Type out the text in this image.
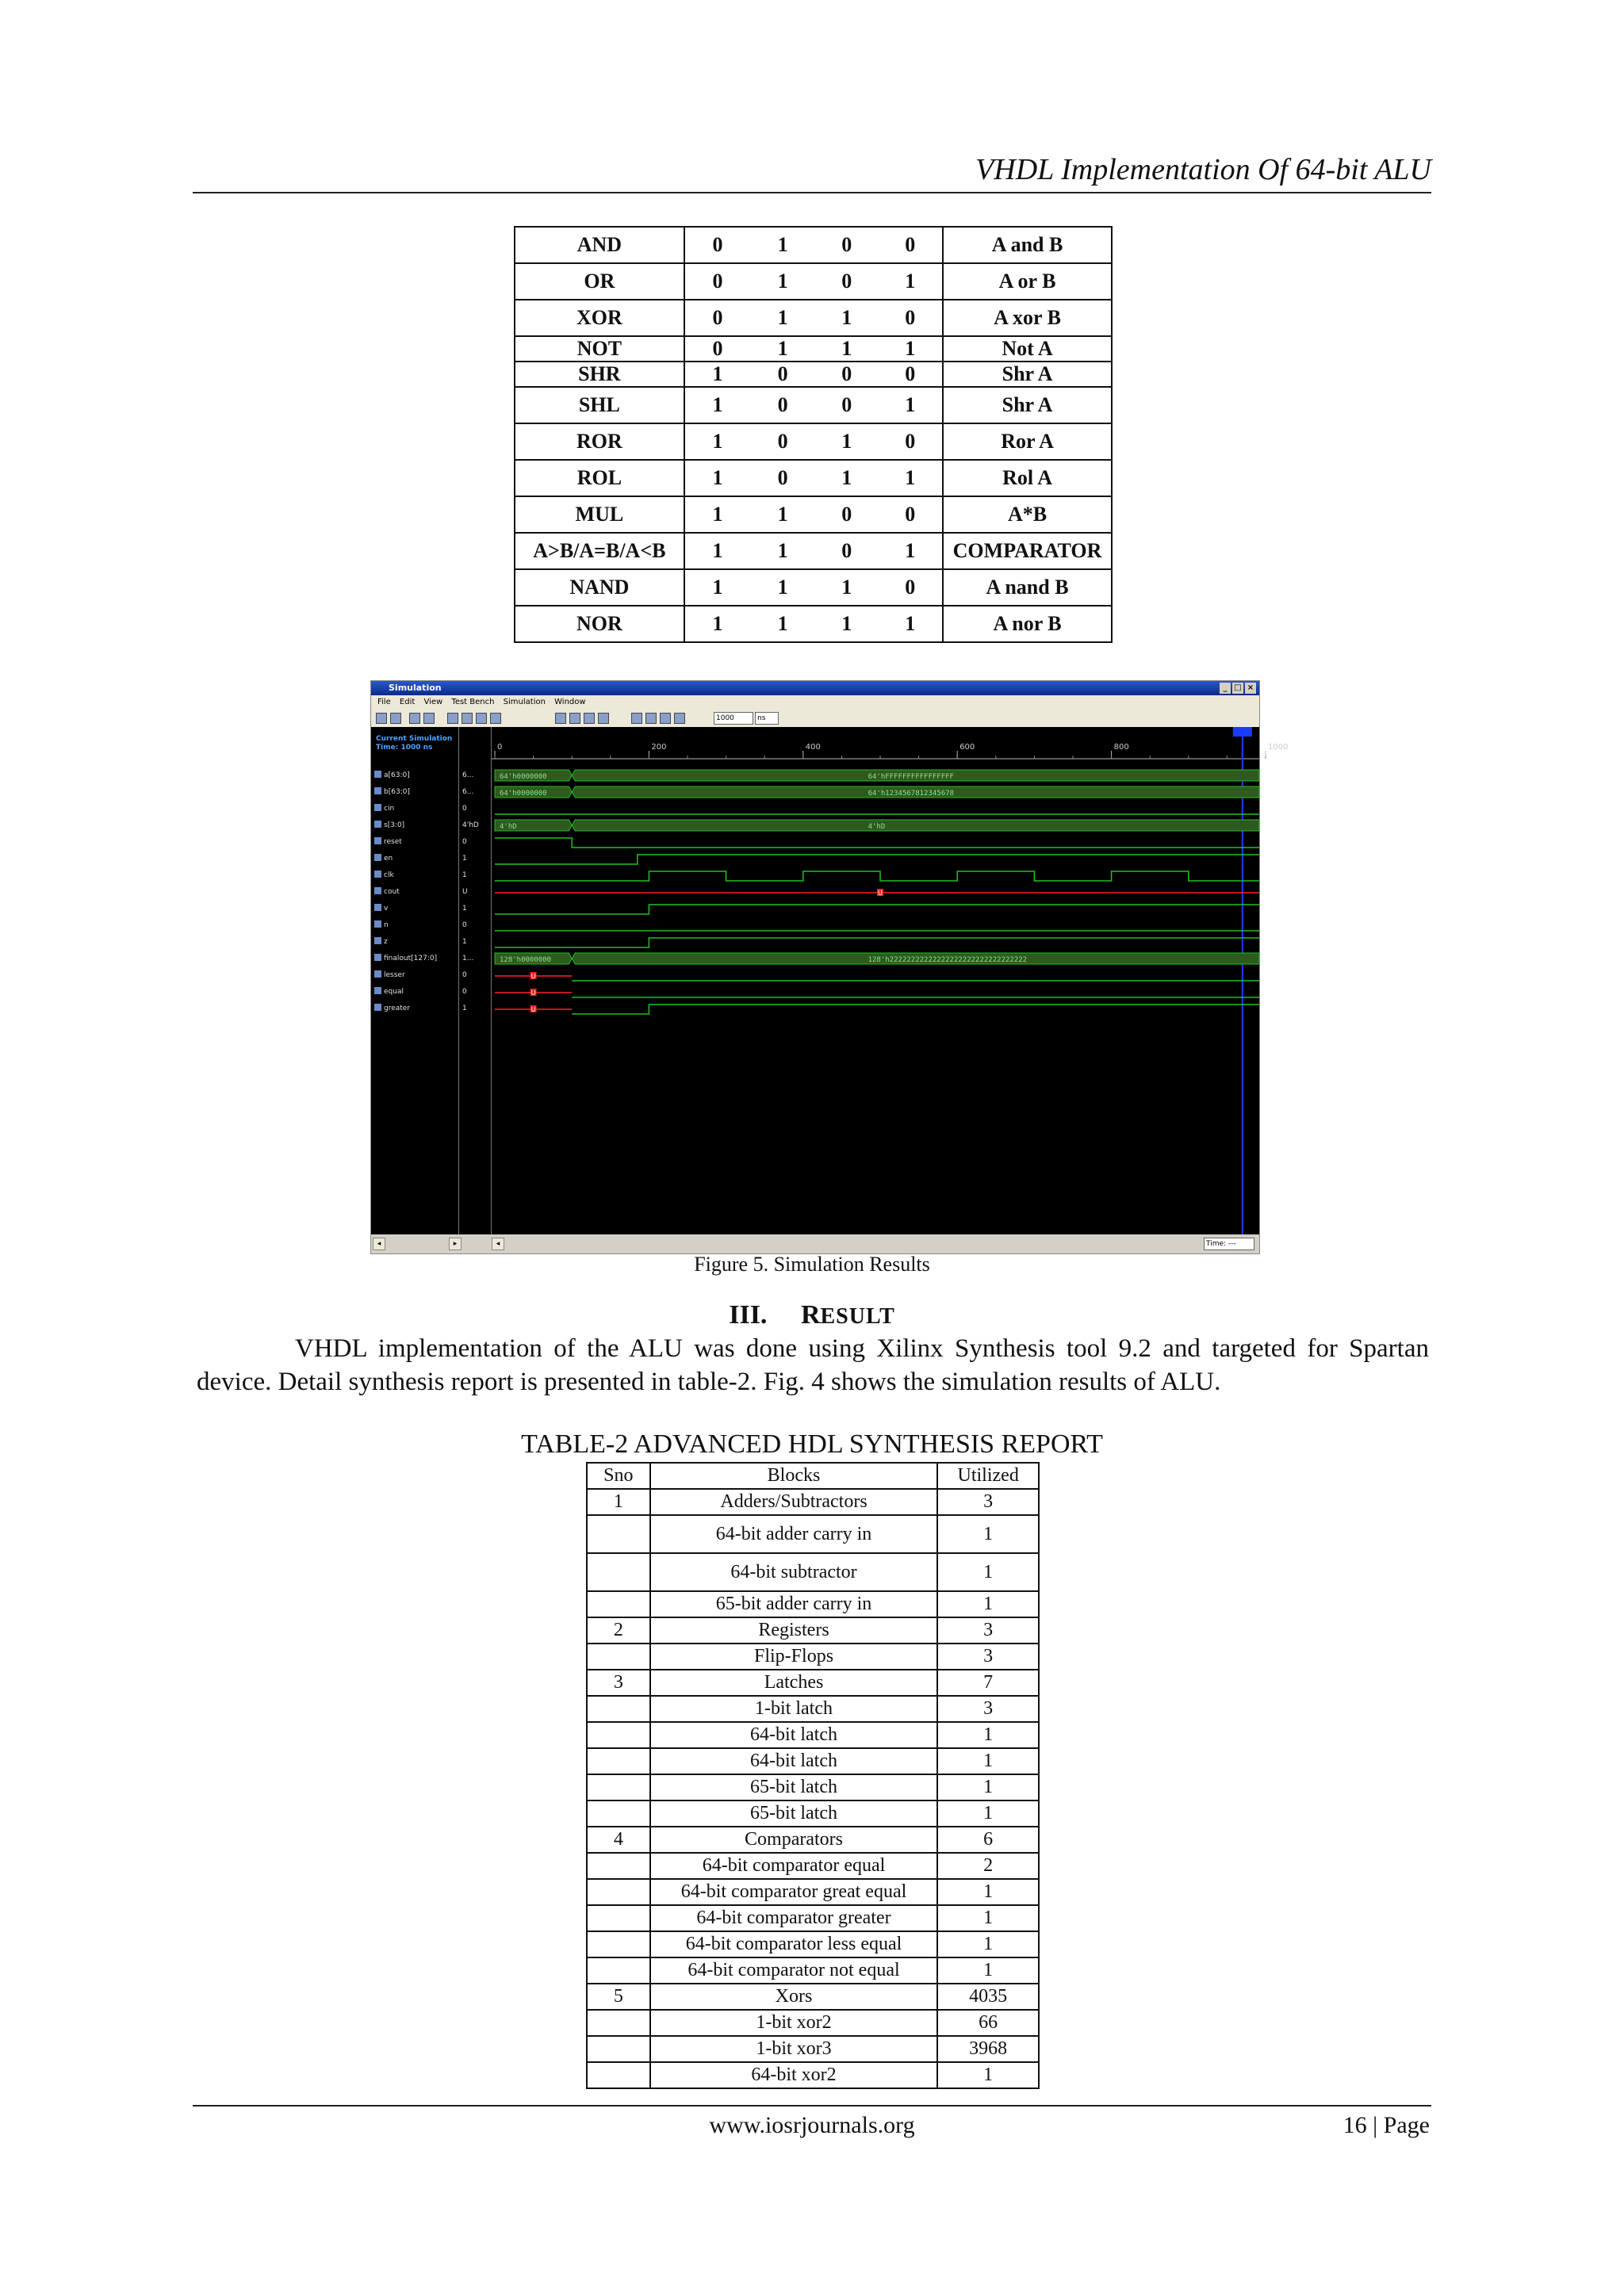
VHDL Implementation Of 64-bit ALU
AND	0	1	0	0	A and B
OR	0	1	0	1	A or B
XOR	0	1	1	0	A xor B
NOT	0	1	1	1	Not A
SHR	1	0	0	0	Shr A
SHL	1	0	0	1	Shr A
ROR	1	0	1	0	Ror A
ROL	1	0	1	1	Rol A
MUL	1	1	0	0	A*B
A>B/A=B/A<B	1	1	0	1	COMPARATOR
NAND	1	1	1	0	A nand B
NOR	1	1	1	1	A nor B
Simulation	_ □ ×
File Edit View Test Bench Simulation Window
1000	ns
Current Simulation
Time: 1000 ns
a[63:0]
b[63:0]
cin
s[3:0]
reset
en
clk
cout
v
n
z
finalout[127:0]
lesser
equal
greater
6...
6...
0
4'hD
0
1
1
U
1
0
1
1...
0
0
1
0	200	400	600	800	1000
64'h0000000	64'hFFFFFFFFFFFFFFFF
64'h0000000	64'h1234567812345678
4'hD	4'hD
U
128'h0000000	128'h22222222222222222222222222222222
U
U
U
◂	▸	◂	Time: ---
Figure 5. Simulation Results
III. RESULT
VHDL implementation of the ALU was done using Xilinx Synthesis tool 9.2 and targeted for Spartan device. Detail synthesis report is presented in table-2. Fig. 4 shows the simulation results of ALU.
TABLE-2 ADVANCED HDL SYNTHESIS REPORT
Sno	Blocks	Utilized
1	Adders/Subtractors	3
	64-bit adder carry in	1
	64-bit subtractor	1
	65-bit adder carry in	1
2	Registers	3
	Flip-Flops	3
3	Latches	7
	1-bit latch	3
	64-bit latch	1
	64-bit latch	1
	65-bit latch	1
	65-bit latch	1
4	Comparators	6
	64-bit comparator equal	2
	64-bit comparator great equal	1
	64-bit comparator greater	1
	64-bit comparator less equal	1
	64-bit comparator not equal	1
5	Xors	4035
	1-bit xor2	66
	1-bit xor3	3968
	64-bit xor2	1
www.iosrjournals.org	16 | Page
